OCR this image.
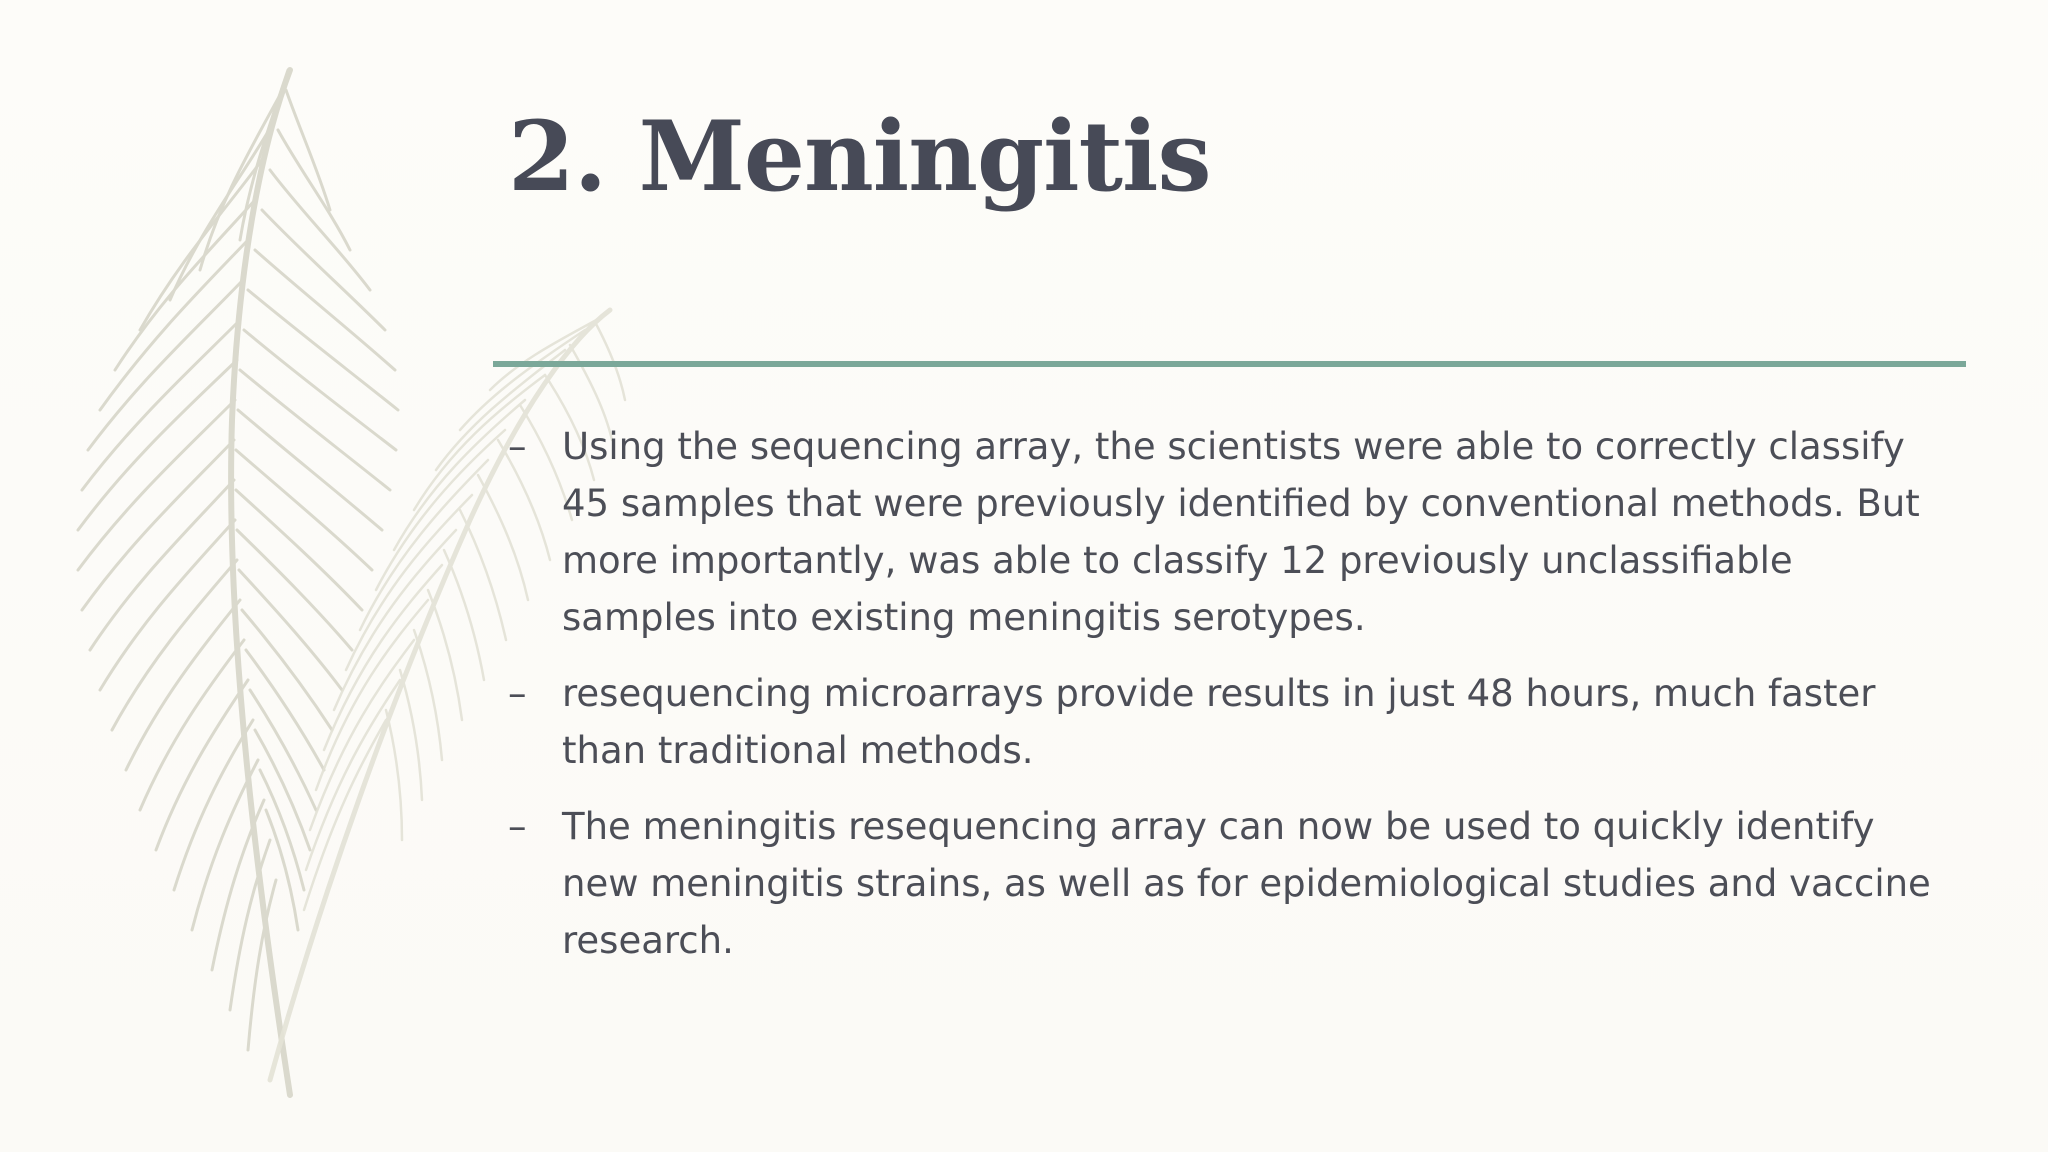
2. Meningitis
– Using the sequencing array, the scientists were able to correctly classify 45 samples that were previously identified by conventional methods. But more importantly, was able to classify 12 previously unclassifiable samples into existing meningitis serotypes.
– resequencing microarrays provide results in just 48 hours, much faster than traditional methods.
– The meningitis resequencing array can now be used to quickly identify new meningitis strains, as well as for epidemiological studies and vaccine research.
